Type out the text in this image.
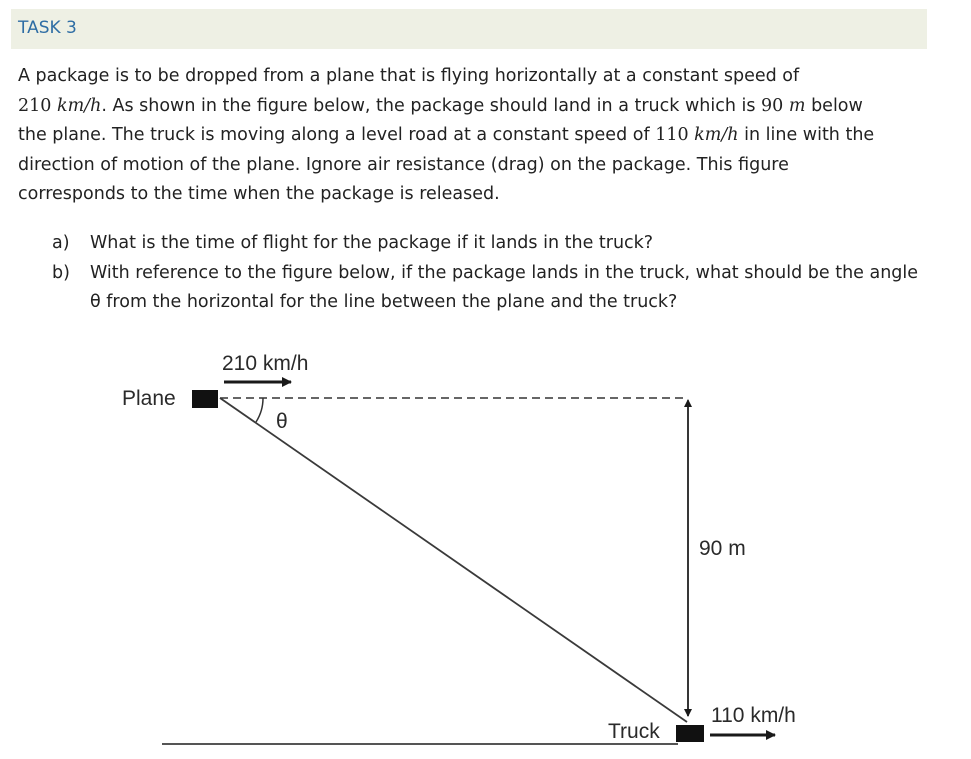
TASK 3
A package is to be dropped from a plane that is flying horizontally at a constant speed of
210 km/h. As shown in the figure below, the package should land in a truck which is 90 m below
the plane. The truck is moving along a level road at a constant speed of 110 km/h in line with the
direction of motion of the plane. Ignore air resistance (drag) on the package. This figure
corresponds to the time when the package is released.
a) What is the time of flight for the package if it lands in the truck?
b) With reference to the figure below, if the package lands in the truck, what should be the angle θ from the horizontal for the line between the plane and the truck?
210 km/h
Plane
θ
90 m
Truck
110 km/h
